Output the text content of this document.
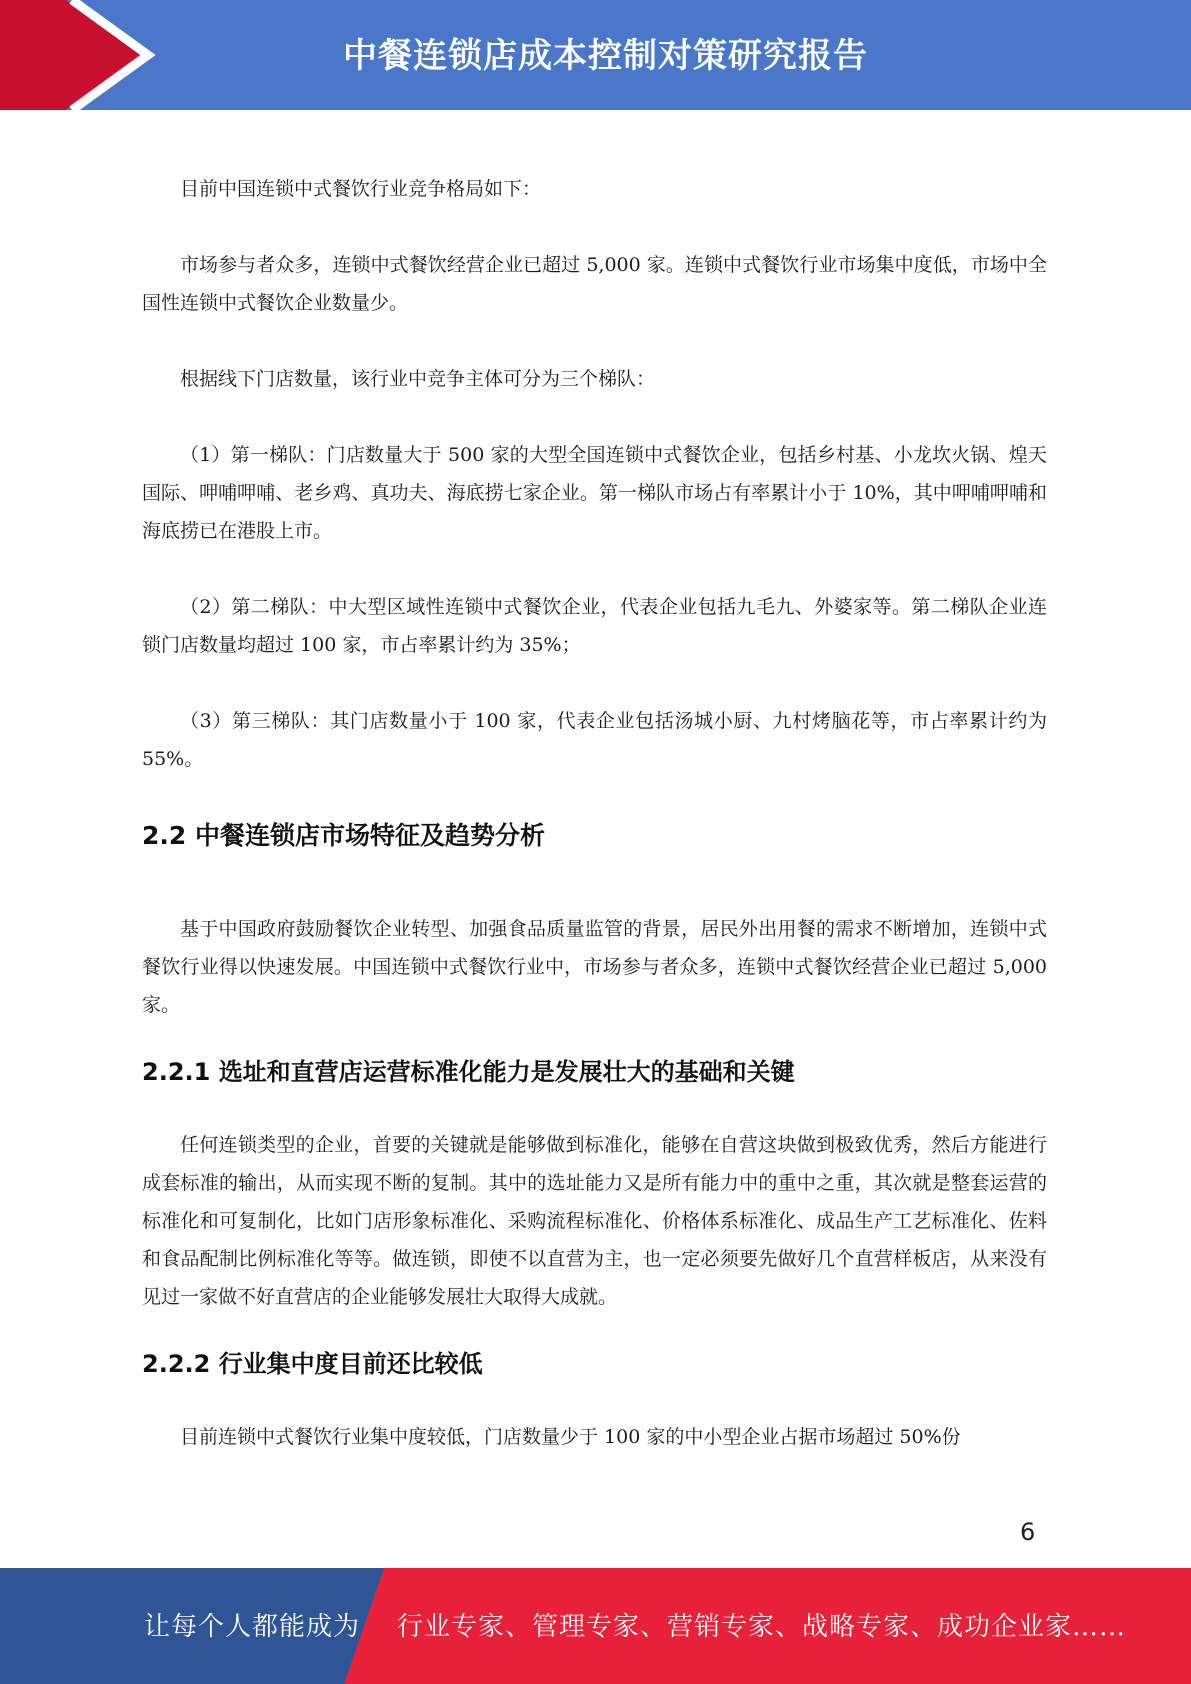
中餐连锁店成本控制对策研究报告

目前中国连锁中式餐饮行业竞争格局如下：

市场参与者众多，连锁中式餐饮经营企业已超过 5,000 家。连锁中式餐饮行业市场集中度低，市场中全国性连锁中式餐饮企业数量少。

根据线下门店数量，该行业中竞争主体可分为三个梯队：

（1）第一梯队：门店数量大于 500 家的大型全国连锁中式餐饮企业，包括乡村基、小龙坎火锅、煌天国际、呷哺呷哺、老乡鸡、真功夫、海底捞七家企业。第一梯队市场占有率累计小于 10%，其中呷哺呷哺和海底捞已在港股上市。

（2）第二梯队：中大型区域性连锁中式餐饮企业，代表企业包括九毛九、外婆家等。第二梯队企业连锁门店数量均超过 100 家，市占率累计约为 35%；

（3）第三梯队：其门店数量小于 100 家，代表企业包括汤城小厨、九村烤脑花等，市占率累计约为 55%。

2.2 中餐连锁店市场特征及趋势分析

基于中国政府鼓励餐饮企业转型、加强食品质量监管的背景，居民外出用餐的需求不断增加，连锁中式餐饮行业得以快速发展。中国连锁中式餐饮行业中，市场参与者众多，连锁中式餐饮经营企业已超过 5,000 家。

2.2.1 选址和直营店运营标准化能力是发展壮大的基础和关键

任何连锁类型的企业，首要的关键就是能够做到标准化，能够在自营这块做到极致优秀，然后方能进行成套标准的输出，从而实现不断的复制。其中的选址能力又是所有能力中的重中之重，其次就是整套运营的标准化和可复制化，比如门店形象标准化、采购流程标准化、价格体系标准化、成品生产工艺标准化、佐料和食品配制比例标准化等等。做连锁，即使不以直营为主，也一定必须要先做好几个直营样板店，从来没有见过一家做不好直营店的企业能够发展壮大取得大成就。

2.2.2 行业集中度目前还比较低

目前连锁中式餐饮行业集中度较低，门店数量少于 100 家的中小型企业占据市场超过 50%份

6
让每个人都能成为 行业专家、管理专家、营销专家、战略专家、成功企业家……
